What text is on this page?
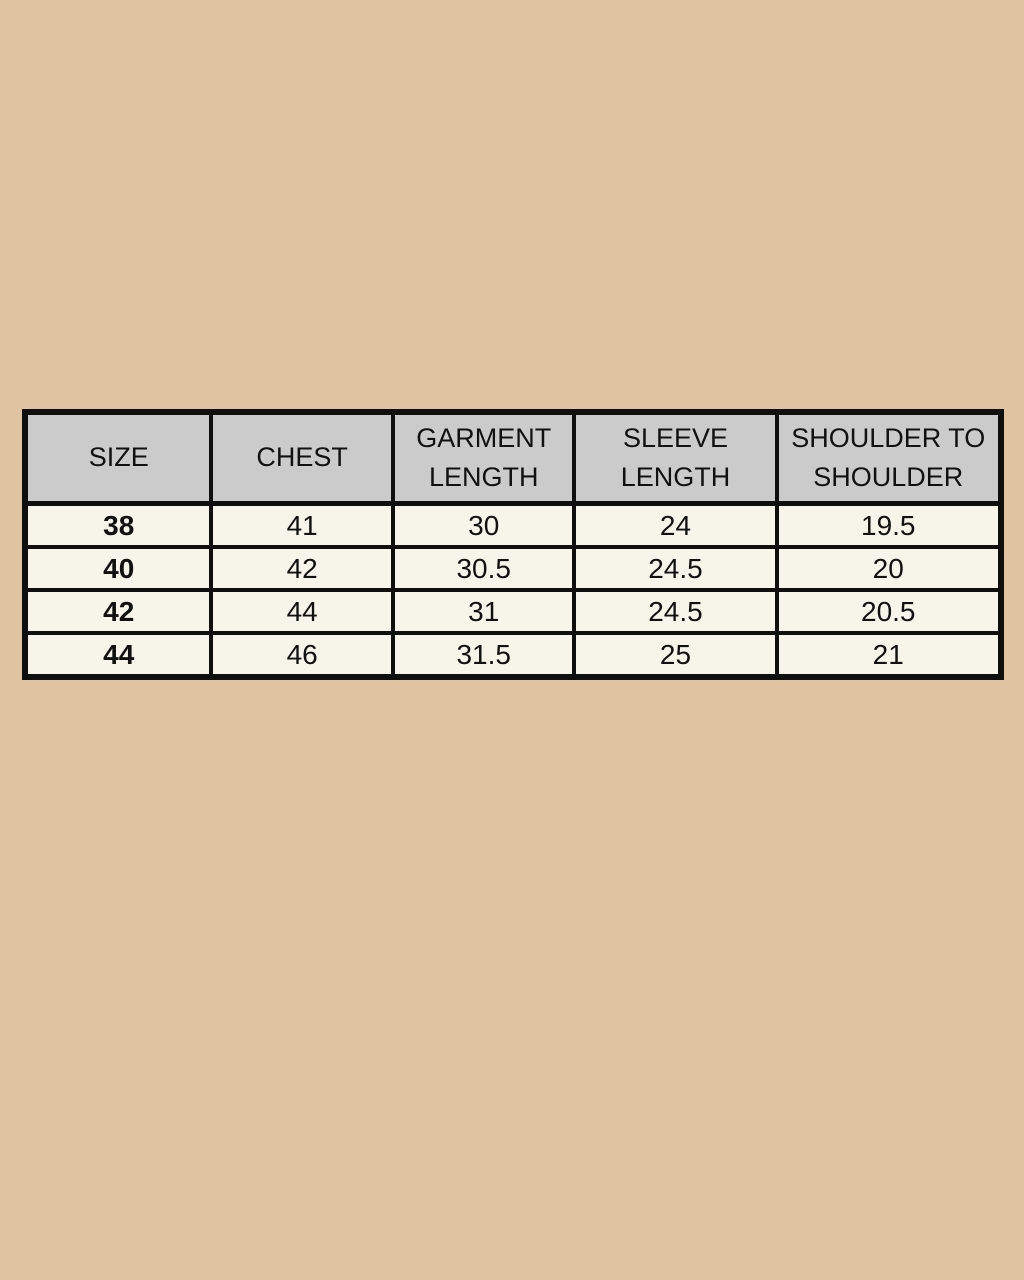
SIZE	CHEST	GARMENT LENGTH	SLEEVE LENGTH	SHOULDER TO SHOULDER
38	41	30	24	19.5
40	42	30.5	24.5	20
42	44	31	24.5	20.5
44	46	31.5	25	21
